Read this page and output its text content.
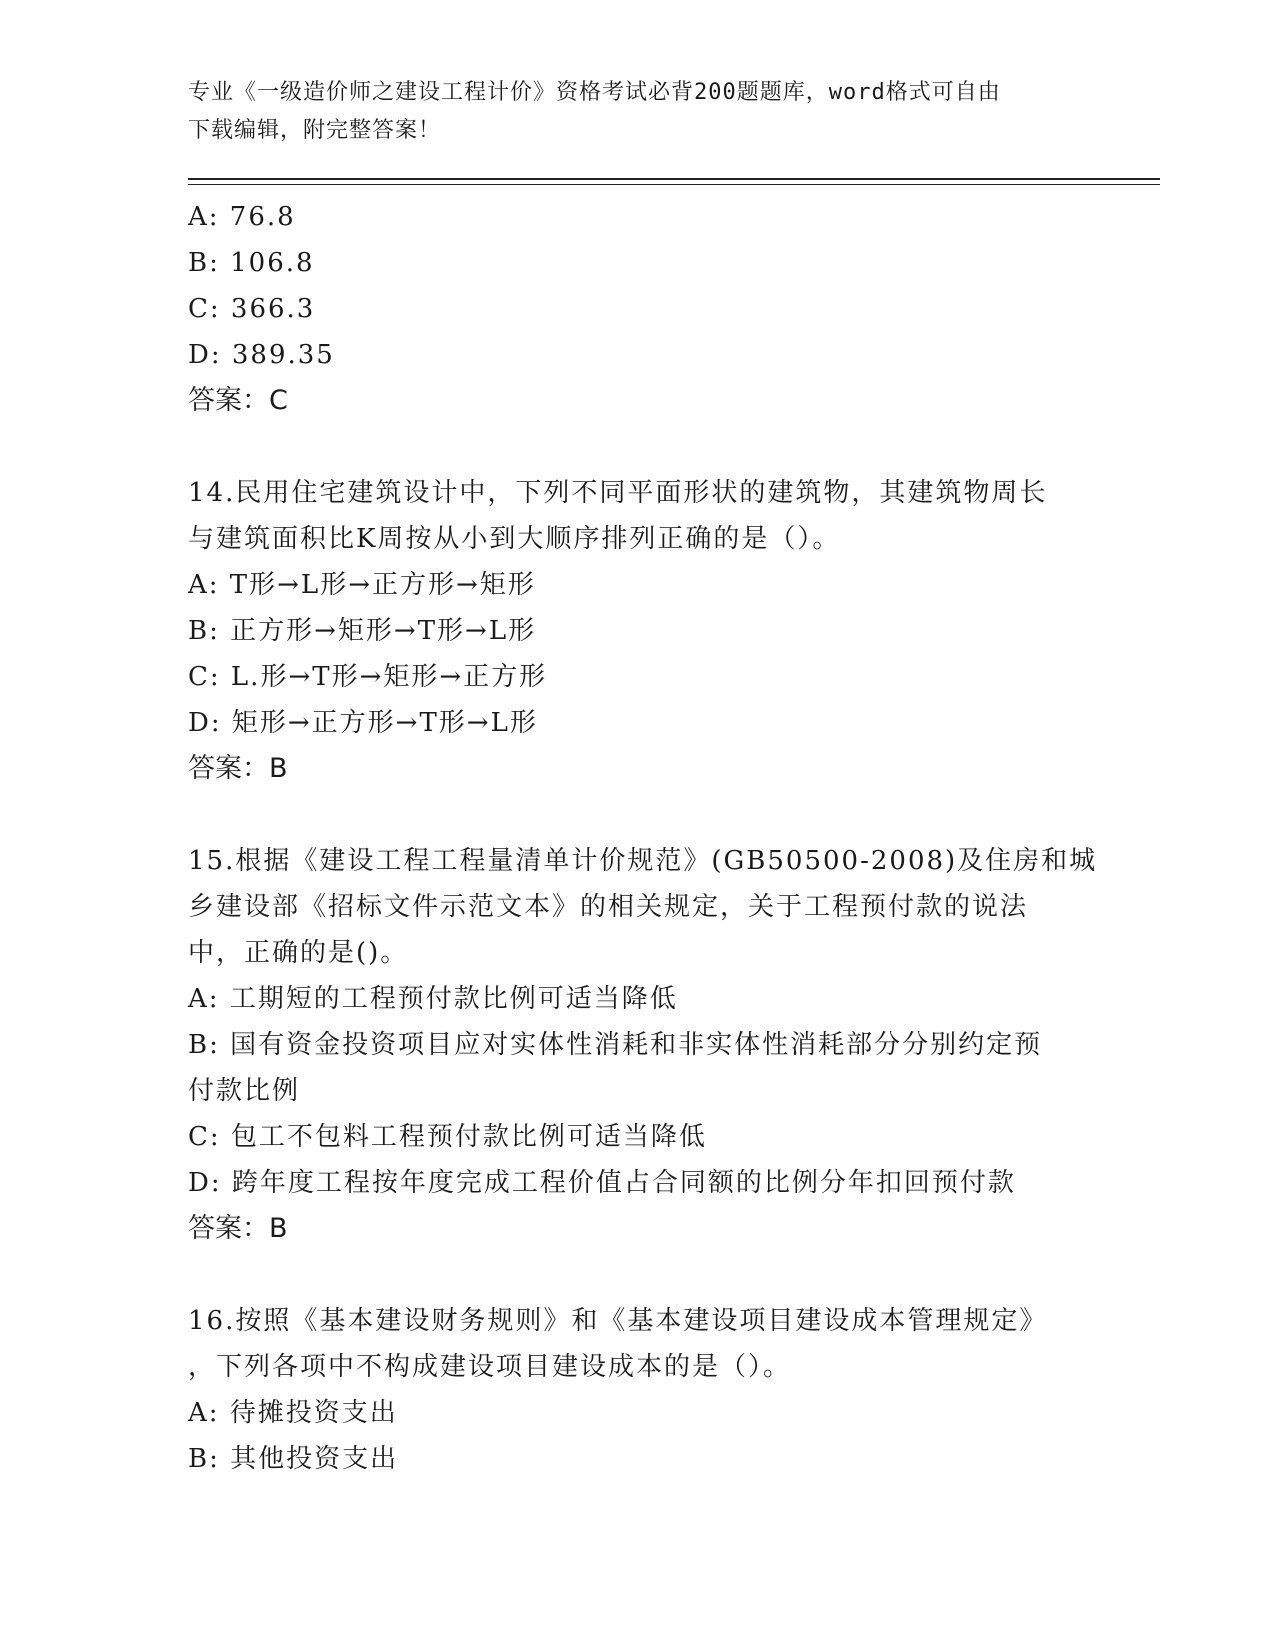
专业《一级造价师之建设工程计价》资格考试必背200题题库，word格式可自由
下载编辑，附完整答案！
A: 76.8
B: 106.8
C: 366.3
D: 389.35
答案：C
14.民用住宅建筑设计中，下列不同平面形状的建筑物，其建筑物周长
与建筑面积比K周按从小到大顺序排列正确的是（）。
A: T形→L形→正方形→矩形
B: 正方形→矩形→T形→L形
C: L.形→T形→矩形→正方形
D: 矩形→正方形→T形→L形
答案：B
15.根据《建设工程工程量清单计价规范》(GB50500-2008)及住房和城
乡建设部《招标文件示范文本》的相关规定，关于工程预付款的说法
中，正确的是()。
A: 工期短的工程预付款比例可适当降低
B: 国有资金投资项目应对实体性消耗和非实体性消耗部分分别约定预
付款比例
C: 包工不包料工程预付款比例可适当降低
D: 跨年度工程按年度完成工程价值占合同额的比例分年扣回预付款
答案：B
16.按照《基本建设财务规则》和《基本建设项目建设成本管理规定》
，下列各项中不构成建设项目建设成本的是（）。
A: 待摊投资支出
B: 其他投资支出
